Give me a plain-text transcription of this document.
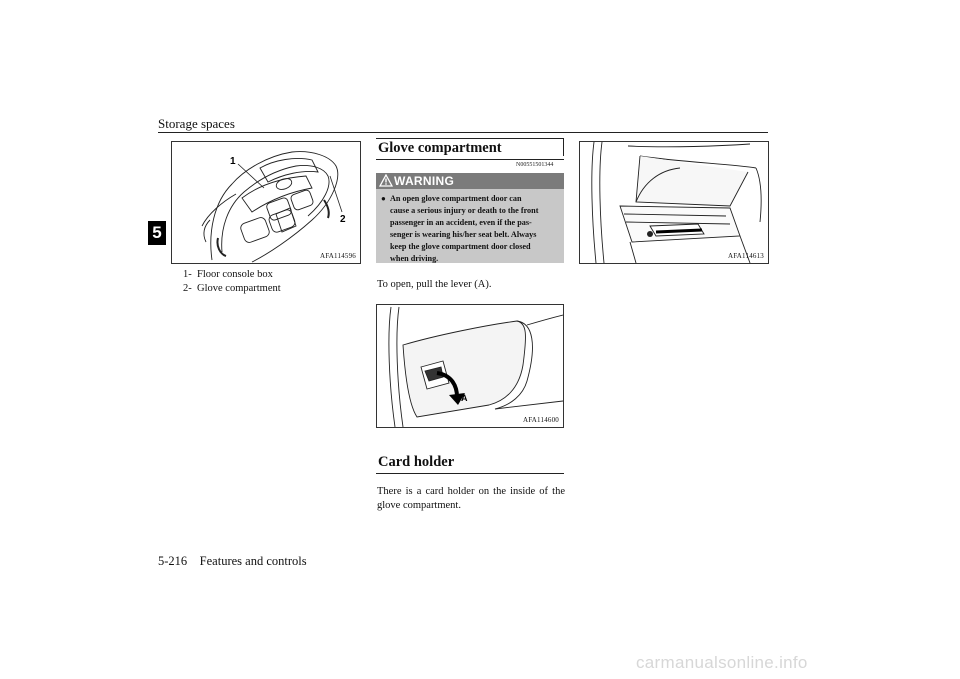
Storage spaces
5
1
2
AFA114596
1- Floor console box
2- Glove compartment
Glove compartment
N00551501344
WARNING
● An open glove compartment door can
cause a serious injury or death to the front
passenger in an accident, even if the pas-
senger is wearing his/her seat belt. Always
keep the glove compartment door closed
when driving.
To open, pull the lever (A).
A
AFA114600
Card holder
There is a card holder on the inside of the
glove compartment.
AFA114613
5-216 Features and controls
carmanualsonline.info
